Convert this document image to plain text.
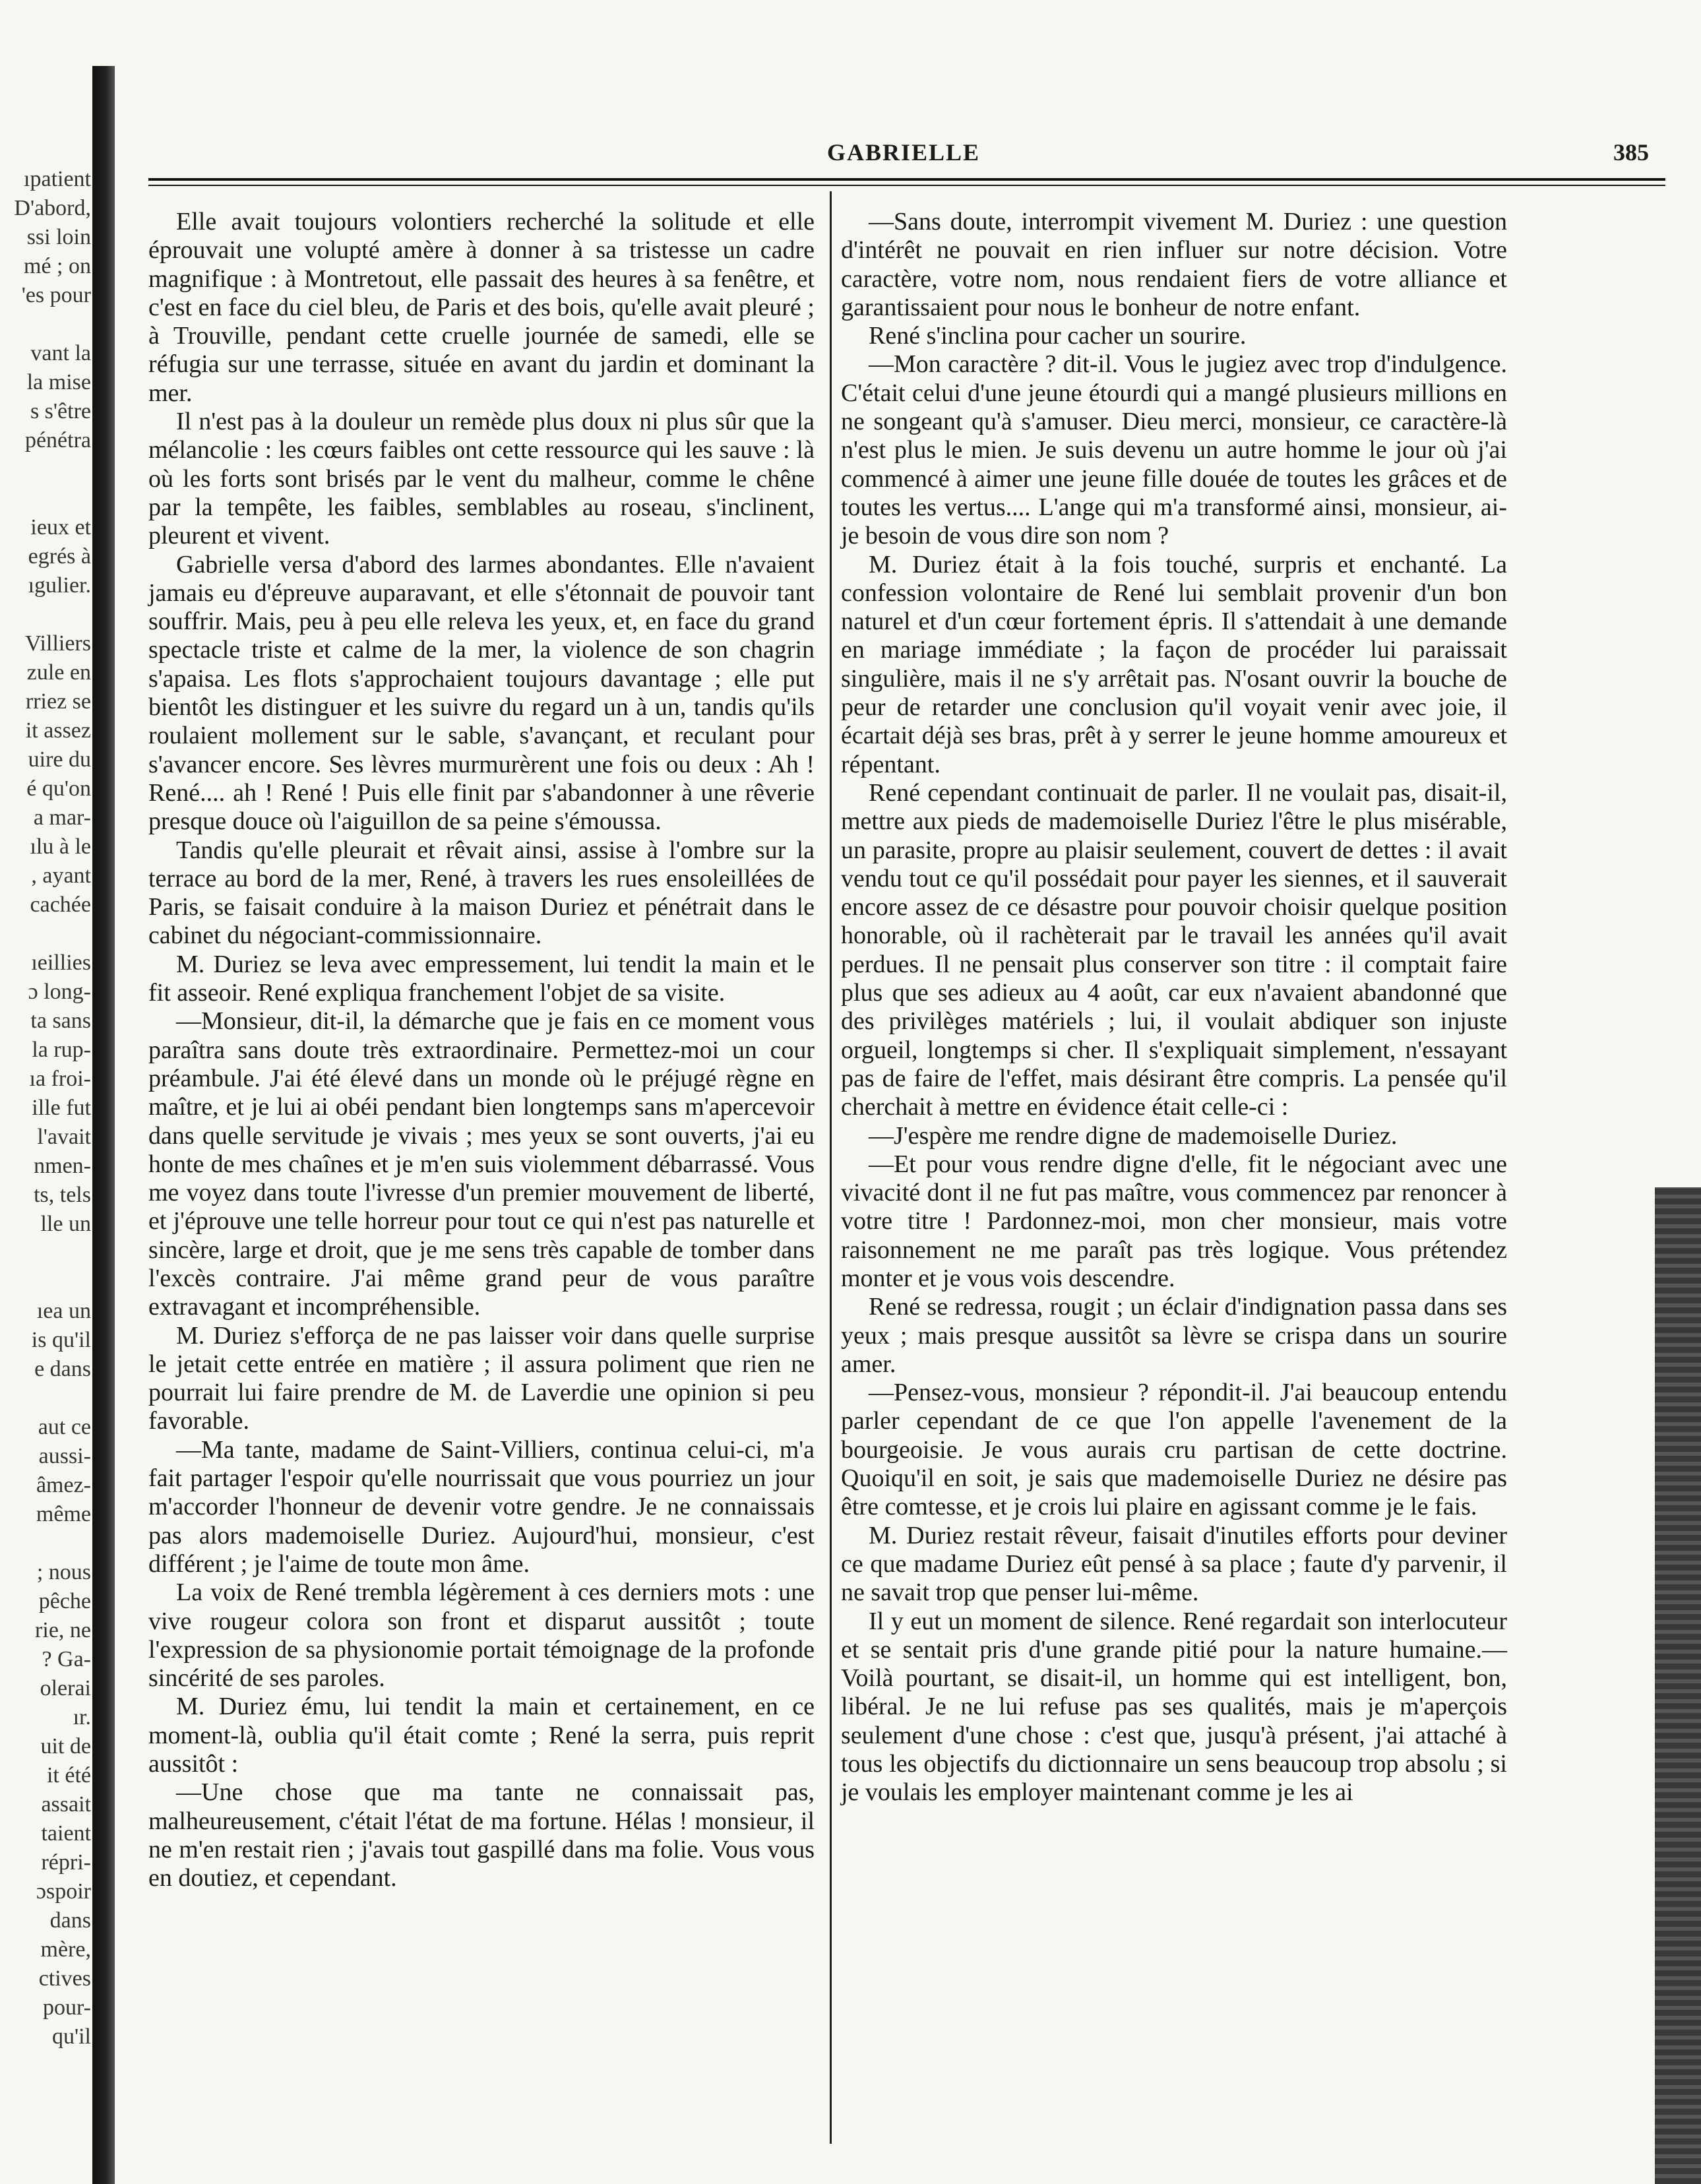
ıpatient
D'abord,
ssi loin
mé ; on
'es pour
vant la
la mise
s s'être
pénétra
ieux et
egrés à
ıgulier.
Villiers
zule en
rriez se
it assez
uire du
é qu'on
a mar-
ılu à le
, ayant
cachée
ıeillies
ɔ long-
ta sans
la rup-
ıa froi-
ille fut
l'avait
nmen-
ts, tels
lle un
ıea un
is qu'il
e dans
aut ce
aussi-
âmez-
même
; nous
pêche
rie, ne
? Ga-
olerai
ır.
uit de
it été
assait
taient
répri-
ɔspoir
dans
mère,
ctives
pour-
qu'il
GABRIELLE	385

Elle avait toujours volontiers recherché la solitude et elle éprouvait une volupté amère à donner à sa tristesse un cadre magnifique : à Montretout, elle passait des heures à sa fenêtre, et c'est en face du ciel bleu, de Paris et des bois, qu'elle avait pleuré ; à Trouville, pendant cette cruelle journée de samedi, elle se réfugia sur une terrasse, située en avant du jardin et dominant la mer.

Il n'est pas à la douleur un remède plus doux ni plus sûr que la mélancolie : les cœurs faibles ont cette ressource qui les sauve : là où les forts sont brisés par le vent du malheur, comme le chêne par la tempête, les faibles, semblables au roseau, s'inclinent, pleurent et vivent.

Gabrielle versa d'abord des larmes abondantes. Elle n'avaient jamais eu d'épreuve auparavant, et elle s'étonnait de pouvoir tant souffrir. Mais, peu à peu elle releva les yeux, et, en face du grand spectacle triste et calme de la mer, la violence de son chagrin s'apaisa. Les flots s'approchaient toujours davantage ; elle put bientôt les distinguer et les suivre du regard un à un, tandis qu'ils roulaient mollement sur le sable, s'avançant, et reculant pour s'avancer encore. Ses lèvres murmurèrent une fois ou deux : Ah ! René.... ah ! René ! Puis elle finit par s'abandonner à une rêverie presque douce où l'aiguillon de sa peine s'émoussa.

Tandis qu'elle pleurait et rêvait ainsi, assise à l'ombre sur la terrace au bord de la mer, René, à travers les rues ensoleillées de Paris, se faisait conduire à la maison Duriez et pénétrait dans le cabinet du négociant-commissionnaire.

M. Duriez se leva avec empressement, lui tendit la main et le fit asseoir. René expliqua franchement l'objet de sa visite.

—Monsieur, dit-il, la démarche que je fais en ce moment vous paraîtra sans doute très extraordinaire. Permettez-moi un cour préambule. J'ai été élevé dans un monde où le préjugé règne en maître, et je lui ai obéi pendant bien longtemps sans m'apercevoir dans quelle servitude je vivais ; mes yeux se sont ouverts, j'ai eu honte de mes chaînes et je m'en suis violemment débarrassé. Vous me voyez dans toute l'ivresse d'un premier mouvement de liberté, et j'éprouve une telle horreur pour tout ce qui n'est pas naturelle et sincère, large et droit, que je me sens très capable de tomber dans l'excès contraire. J'ai même grand peur de vous paraître extravagant et incompréhensible.

M. Duriez s'efforça de ne pas laisser voir dans quelle surprise le jetait cette entrée en matière ; il assura poliment que rien ne pourrait lui faire prendre de M. de Laverdie une opinion si peu favorable.

—Ma tante, madame de Saint-Villiers, continua celui-ci, m'a fait partager l'espoir qu'elle nourrissait que vous pourriez un jour m'accorder l'honneur de devenir votre gendre. Je ne connaissais pas alors mademoiselle Duriez. Aujourd'hui, monsieur, c'est différent ; je l'aime de toute mon âme.

La voix de René trembla légèrement à ces derniers mots : une vive rougeur colora son front et disparut aussitôt ; toute l'expression de sa physionomie portait témoignage de la profonde sincérité de ses paroles.

M. Duriez ému, lui tendit la main et certainement, en ce moment-là, oublia qu'il était comte ; René la serra, puis reprit aussitôt :

—Une chose que ma tante ne connaissait pas, malheureusement, c'était l'état de ma fortune. Hélas ! monsieur, il ne m'en restait rien ; j'avais tout gaspillé dans ma folie. Vous vous en doutiez, et cependant.

—Sans doute, interrompit vivement M. Duriez : une question d'intérêt ne pouvait en rien influer sur notre décision. Votre caractère, votre nom, nous rendaient fiers de votre alliance et garantissaient pour nous le bonheur de notre enfant.

René s'inclina pour cacher un sourire.

—Mon caractère ? dit-il. Vous le jugiez avec trop d'indulgence. C'était celui d'une jeune étourdi qui a mangé plusieurs millions en ne songeant qu'à s'amuser. Dieu merci, monsieur, ce caractère-là n'est plus le mien. Je suis devenu un autre homme le jour où j'ai commencé à aimer une jeune fille douée de toutes les grâces et de toutes les vertus.... L'ange qui m'a transformé ainsi, monsieur, ai-je besoin de vous dire son nom ?

M. Duriez était à la fois touché, surpris et enchanté. La confession volontaire de René lui semblait provenir d'un bon naturel et d'un cœur fortement épris. Il s'attendait à une demande en mariage immédiate ; la façon de procéder lui paraissait singulière, mais il ne s'y arrêtait pas. N'osant ouvrir la bouche de peur de retarder une conclusion qu'il voyait venir avec joie, il écartait déjà ses bras, prêt à y serrer le jeune homme amoureux et répentant.

René cependant continuait de parler. Il ne voulait pas, disait-il, mettre aux pieds de mademoiselle Duriez l'être le plus misérable, un parasite, propre au plaisir seulement, couvert de dettes : il avait vendu tout ce qu'il possédait pour payer les siennes, et il sauverait encore assez de ce désastre pour pouvoir choisir quelque position honorable, où il rachèterait par le travail les années qu'il avait perdues. Il ne pensait plus conserver son titre : il comptait faire plus que ses adieux au 4 août, car eux n'avaient abandonné que des privilèges matériels ; lui, il voulait abdiquer son injuste orgueil, longtemps si cher. Il s'expliquait simplement, n'essayant pas de faire de l'effet, mais désirant être compris. La pensée qu'il cherchait à mettre en évidence était celle-ci :

—J'espère me rendre digne de mademoiselle Duriez.

—Et pour vous rendre digne d'elle, fit le négociant avec une vivacité dont il ne fut pas maître, vous commencez par renoncer à votre titre ! Pardonnez-moi, mon cher monsieur, mais votre raisonnement ne me paraît pas très logique. Vous prétendez monter et je vous vois descendre.

René se redressa, rougit ; un éclair d'indignation passa dans ses yeux ; mais presque aussitôt sa lèvre se crispa dans un sourire amer.

—Pensez-vous, monsieur ? répondit-il. J'ai beaucoup entendu parler cependant de ce que l'on appelle l'avenement de la bourgeoisie. Je vous aurais cru partisan de cette doctrine. Quoiqu'il en soit, je sais que mademoiselle Duriez ne désire pas être comtesse, et je crois lui plaire en agissant comme je le fais.

M. Duriez restait rêveur, faisait d'inutiles efforts pour deviner ce que madame Duriez eût pensé à sa place ; faute d'y parvenir, il ne savait trop que penser lui-même.

Il y eut un moment de silence. René regardait son interlocuteur et se sentait pris d'une grande pitié pour la nature humaine.—Voilà pourtant, se disait-il, un homme qui est intelligent, bon, libéral. Je ne lui refuse pas ses qualités, mais je m'aperçois seulement d'une chose : c'est que, jusqu'à présent, j'ai attaché à tous les objectifs du dictionnaire un sens beaucoup trop absolu ; si je voulais les employer maintenant comme je les ai
